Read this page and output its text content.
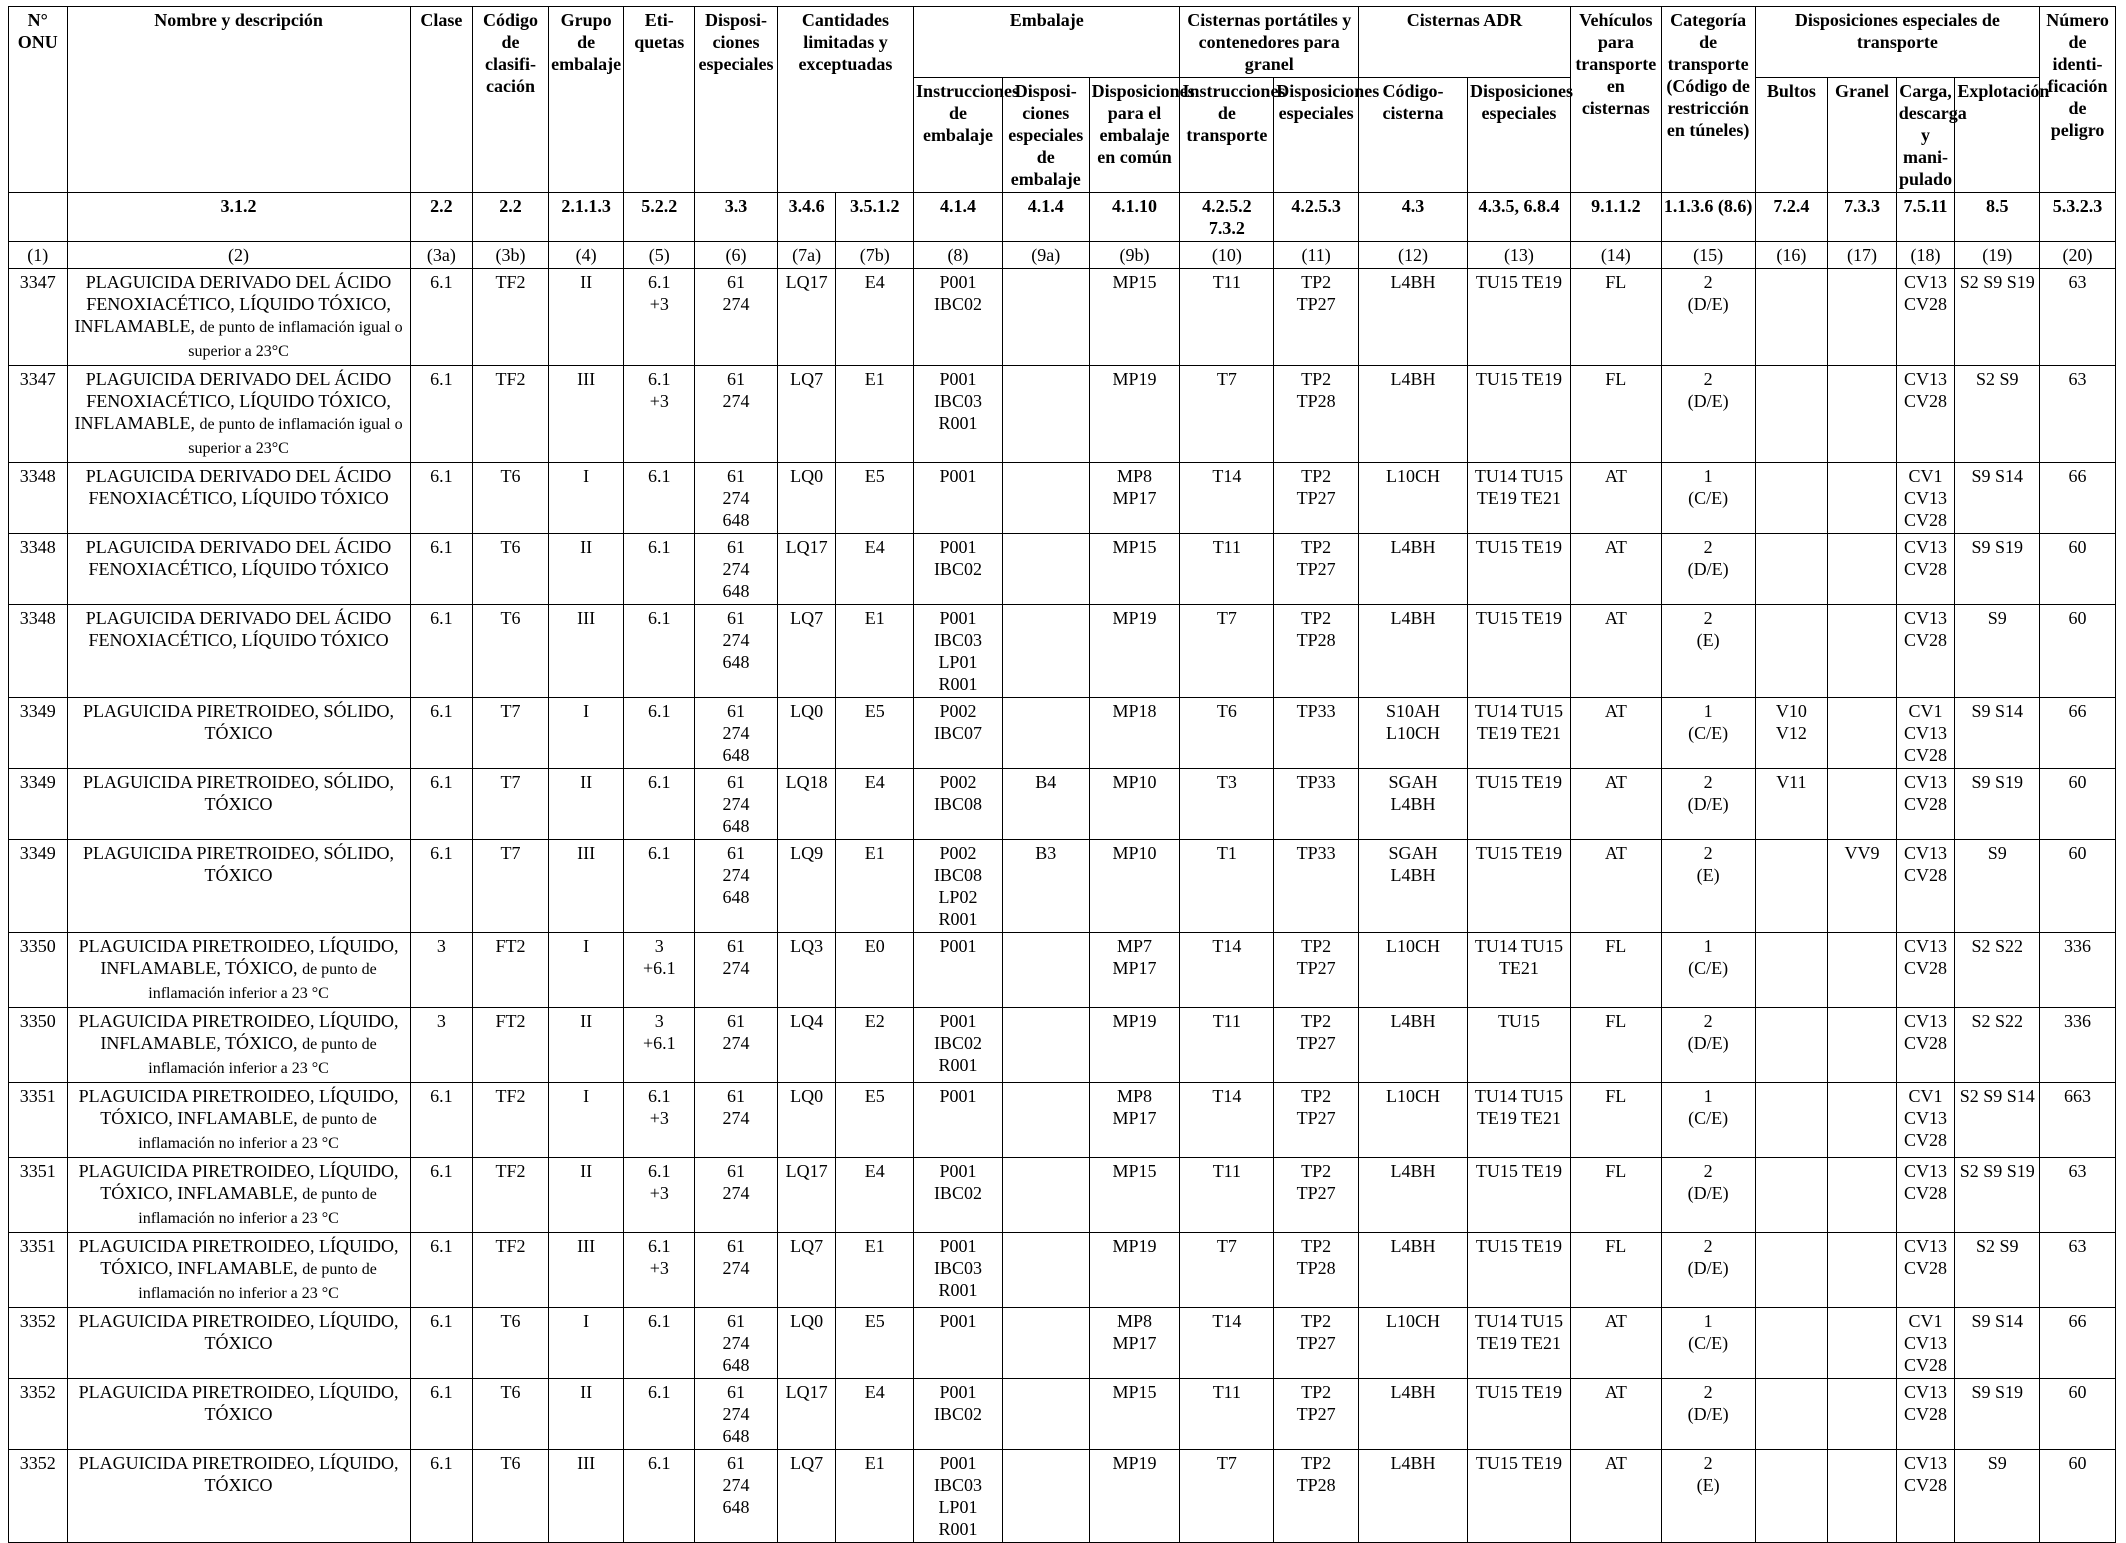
N° ONU	Nombre y descripción	Clase	Código de clasifi-cación	Grupo de embalaje	Eti-quetas	Disposi-ciones especiales	Cantidades limitadas y exceptuadas		Embalaje			Cisternas portátiles y contenedores para granel		Cisternas ADR		Vehículos para transporte en cisternas	Categoría de transporte (Código de restricción en túneles)	Disposiciones especiales de transporte				Número de identi-ficación de peligro
									Instrucciones de embalaje	Disposi-ciones especiales de embalaje	Disposiciones para el embalaje en común	Instrucciones de transporte	Disposiciones especiales	Código-cisterna	Disposiciones especiales			Bultos	Granel	Carga, descarga y mani-pulado	Explotación	
	3.1.2	2.2	2.2	2.1.1.3	5.2.2	3.3	3.4.6	3.5.1.2	4.1.4	4.1.4	4.1.10	4.2.5.2 7.3.2	4.2.5.3	4.3	4.3.5, 6.8.4	9.1.1.2	1.1.3.6 (8.6)	7.2.4	7.3.3	7.5.11	8.5	5.3.2.3
(1)	(2)	(3a)	(3b)	(4)	(5)	(6)	(7a)	(7b)	(8)	(9a)	(9b)	(10)	(11)	(12)	(13)	(14)	(15)	(16)	(17)	(18)	(19)	(20)
3347	PLAGUICIDA DERIVADO DEL ÁCIDO FENOXIACÉTICO, LÍQUIDO TÓXICO, INFLAMABLE, de punto de inflamación igual o superior a 23°C	6.1	TF2	II	6.1 +3	61 274	LQ17	E4	P001 IBC02		MP15	T11	TP2 TP27	L4BH	TU15 TE19	FL	2 (D/E)			CV13 CV28	S2 S9 S19	63
3347	PLAGUICIDA DERIVADO DEL ÁCIDO FENOXIACÉTICO, LÍQUIDO TÓXICO, INFLAMABLE, de punto de inflamación igual o superior a 23°C	6.1	TF2	III	6.1 +3	61 274	LQ7	E1	P001 IBC03 R001		MP19	T7	TP2 TP28	L4BH	TU15 TE19	FL	2 (D/E)			CV13 CV28	S2 S9	63
3348	PLAGUICIDA DERIVADO DEL ÁCIDO FENOXIACÉTICO, LÍQUIDO TÓXICO	6.1	T6	I	6.1	61 274 648	LQ0	E5	P001		MP8 MP17	T14	TP2 TP27	L10CH	TU14 TU15 TE19 TE21	AT	1 (C/E)			CV1 CV13 CV28	S9 S14	66
3348	PLAGUICIDA DERIVADO DEL ÁCIDO FENOXIACÉTICO, LÍQUIDO TÓXICO	6.1	T6	II	6.1	61 274 648	LQ17	E4	P001 IBC02		MP15	T11	TP2 TP27	L4BH	TU15 TE19	AT	2 (D/E)			CV13 CV28	S9 S19	60
3348	PLAGUICIDA DERIVADO DEL ÁCIDO FENOXIACÉTICO, LÍQUIDO TÓXICO	6.1	T6	III	6.1	61 274 648	LQ7	E1	P001 IBC03 LP01 R001		MP19	T7	TP2 TP28	L4BH	TU15 TE19	AT	2 (E)			CV13 CV28	S9	60
3349	PLAGUICIDA PIRETROIDEO, SÓLIDO, TÓXICO	6.1	T7	I	6.1	61 274 648	LQ0	E5	P002 IBC07		MP18	T6	TP33	S10AH L10CH	TU14 TU15 TE19 TE21	AT	1 (C/E)	V10 V12		CV1 CV13 CV28	S9 S14	66
3349	PLAGUICIDA PIRETROIDEO, SÓLIDO, TÓXICO	6.1	T7	II	6.1	61 274 648	LQ18	E4	P002 IBC08	B4	MP10	T3	TP33	SGAH L4BH	TU15 TE19	AT	2 (D/E)	V11		CV13 CV28	S9 S19	60
3349	PLAGUICIDA PIRETROIDEO, SÓLIDO, TÓXICO	6.1	T7	III	6.1	61 274 648	LQ9	E1	P002 IBC08 LP02 R001	B3	MP10	T1	TP33	SGAH L4BH	TU15 TE19	AT	2 (E)		VV9	CV13 CV28	S9	60
3350	PLAGUICIDA PIRETROIDEO, LÍQUIDO, INFLAMABLE, TÓXICO, de punto de inflamación inferior a 23 °C	3	FT2	I	3 +6.1	61 274	LQ3	E0	P001		MP7 MP17	T14	TP2 TP27	L10CH	TU14 TU15 TE21	FL	1 (C/E)			CV13 CV28	S2 S22	336
3350	PLAGUICIDA PIRETROIDEO, LÍQUIDO, INFLAMABLE, TÓXICO, de punto de inflamación inferior a 23 °C	3	FT2	II	3 +6.1	61 274	LQ4	E2	P001 IBC02 R001		MP19	T11	TP2 TP27	L4BH	TU15	FL	2 (D/E)			CV13 CV28	S2 S22	336
3351	PLAGUICIDA PIRETROIDEO, LÍQUIDO, TÓXICO, INFLAMABLE, de punto de inflamación no inferior a 23 °C	6.1	TF2	I	6.1 +3	61 274	LQ0	E5	P001		MP8 MP17	T14	TP2 TP27	L10CH	TU14 TU15 TE19 TE21	FL	1 (C/E)			CV1 CV13 CV28	S2 S9 S14	663
3351	PLAGUICIDA PIRETROIDEO, LÍQUIDO, TÓXICO, INFLAMABLE, de punto de inflamación no inferior a 23 °C	6.1	TF2	II	6.1 +3	61 274	LQ17	E4	P001 IBC02		MP15	T11	TP2 TP27	L4BH	TU15 TE19	FL	2 (D/E)			CV13 CV28	S2 S9 S19	63
3351	PLAGUICIDA PIRETROIDEO, LÍQUIDO, TÓXICO, INFLAMABLE, de punto de inflamación no inferior a 23 °C	6.1	TF2	III	6.1 +3	61 274	LQ7	E1	P001 IBC03 R001		MP19	T7	TP2 TP28	L4BH	TU15 TE19	FL	2 (D/E)			CV13 CV28	S2 S9	63
3352	PLAGUICIDA PIRETROIDEO, LÍQUIDO, TÓXICO	6.1	T6	I	6.1	61 274 648	LQ0	E5	P001		MP8 MP17	T14	TP2 TP27	L10CH	TU14 TU15 TE19 TE21	AT	1 (C/E)			CV1 CV13 CV28	S9 S14	66
3352	PLAGUICIDA PIRETROIDEO, LÍQUIDO, TÓXICO	6.1	T6	II	6.1	61 274 648	LQ17	E4	P001 IBC02		MP15	T11	TP2 TP27	L4BH	TU15 TE19	AT	2 (D/E)			CV13 CV28	S9 S19	60
3352	PLAGUICIDA PIRETROIDEO, LÍQUIDO, TÓXICO	6.1	T6	III	6.1	61 274 648	LQ7	E1	P001 IBC03 LP01 R001		MP19	T7	TP2 TP28	L4BH	TU15 TE19	AT	2 (E)			CV13 CV28	S9	60
